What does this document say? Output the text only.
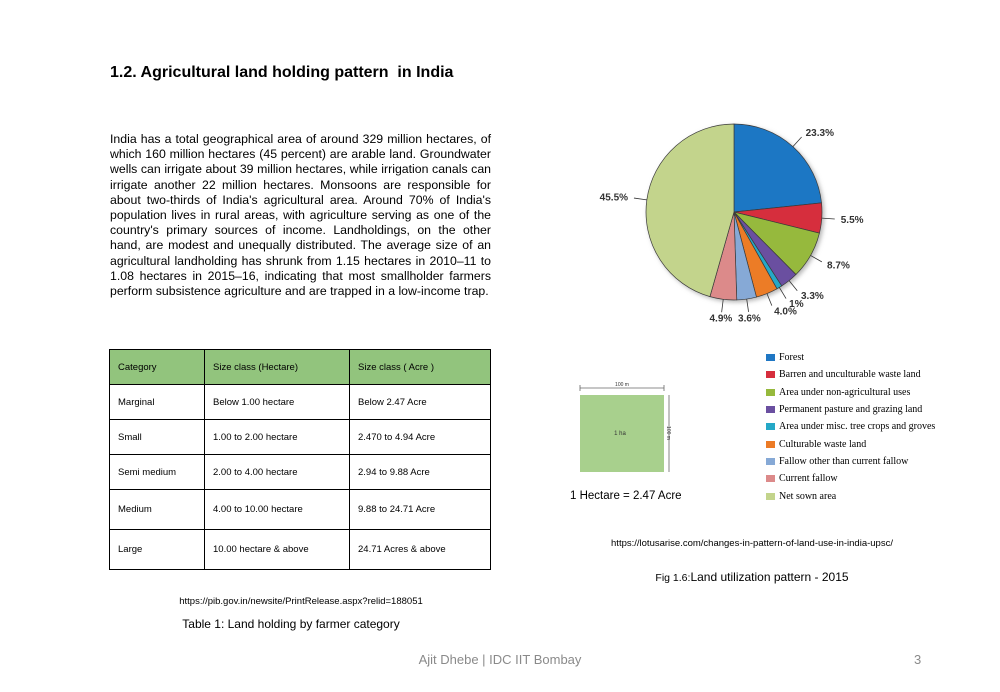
1.2. Agricultural land holding pattern  in India

India has a total geographical area of around 329 million hectares, of which 160 million hectares (45 percent) are arable land. Groundwater wells can irrigate about 39 million hectares, while irrigation canals can irrigate another 22 million hectares. Monsoons are responsible for about two-thirds of India's agricultural area. Around 70% of India's population lives in rural areas, with agriculture serving as one of the country's primary sources of income. Landholdings, on the other hand, are modest and unequally distributed. The average size of an agricultural landholding has shrunk from 1.15 hectares in 2010–11 to 1.08 hectares in 2015–16, indicating that most smallholder farmers perform subsistence agriculture and are trapped in a low-income trap.

Category	Size class (Hectare)	Size class ( Acre )
Marginal	Below 1.00 hectare	Below 2.47 Acre
Small	1.00 to 2.00 hectare	2.470 to 4.94 Acre
Semi medium	2.00 to 4.00 hectare	2.94 to 9.88 Acre
Medium	4.00 to 10.00 hectare	9.88 to 24.71 Acre
Large	10.00 hectare & above	24.71 Acres & above
https://pib.gov.in/newsite/PrintRelease.aspx?relid=188051
Table 1: Land holding by farmer category
23.3%
5.5%
8.7%
3.3%
1%
4.0%
3.6%
4.9%
45.5%
100 m
1 ha	100 m
1 Hectare = 2.47 Acre
Forest
Barren and unculturable waste land
Area under non-agricultural uses
Permanent pasture and grazing land
Area under misc. tree crops and groves
Culturable waste land
Fallow other than current fallow
Current fallow
Net sown area
https://lotusarise.com/changes-in-pattern-of-land-use-in-india-upsc/
Fig 1.6:Land utilization pattern - 2015
Ajit Dhebe | IDC IIT Bombay	3
